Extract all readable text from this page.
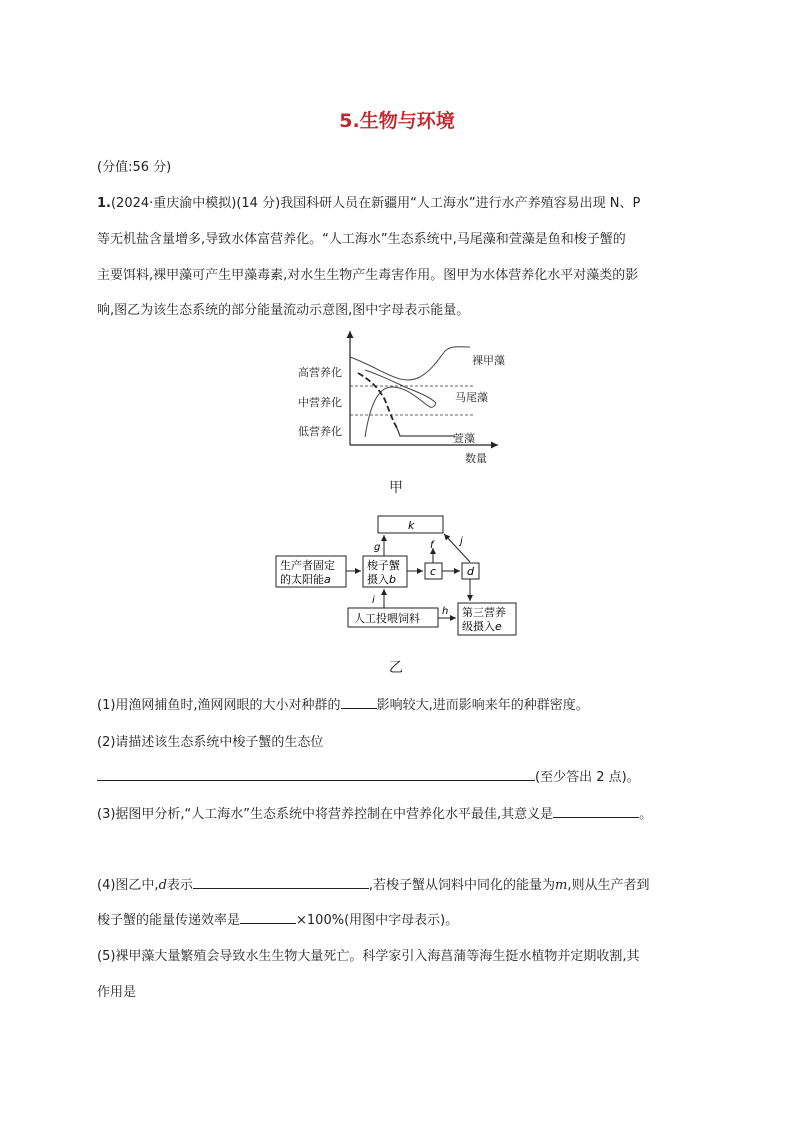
5.生物与环境
(分值:56 分)
1.(2024·重庆渝中模拟)(14 分)我国科研人员在新疆用“人工海水”进行水产养殖容易出现 N、P
等无机盐含量增多,导致水体富营养化。“人工海水”生态系统中,马尾藻和萱藻是鱼和梭子蟹的
主要饵料,裸甲藻可产生甲藻毒素,对水生生物产生毒害作用。图甲为水体营养化水平对藻类的影
响,图乙为该生态系统的部分能量流动示意图,图中字母表示能量。
高营养化
中营养化
低营养化
数量
裸甲藻
马尾藻
萱藻
甲
k
生产者固定
的太阳能a
梭子蟹
摄入b
c	d
人工投喂饲料	第三营养
级摄入e
g	f	j
i
h
乙
(1)用渔网捕鱼时,渔网网眼的大小对种群的	影响较大,进而影响来年的种群密度。
(2)请描述该生态系统中梭子蟹的生态位
(至少答出 2 点)。
(3)据图甲分析,“人工海水”生态系统中将营养控制在中营养化水平最佳,其意义是	。
(4)图乙中,d表示	,若梭子蟹从饲料中同化的能量为m,则从生产者到
梭子蟹的能量传递效率是	×100%(用图中字母表示)。
(5)裸甲藻大量繁殖会导致水生生物大量死亡。科学家引入海菖蒲等海生挺水植物并定期收割,其
作用是
